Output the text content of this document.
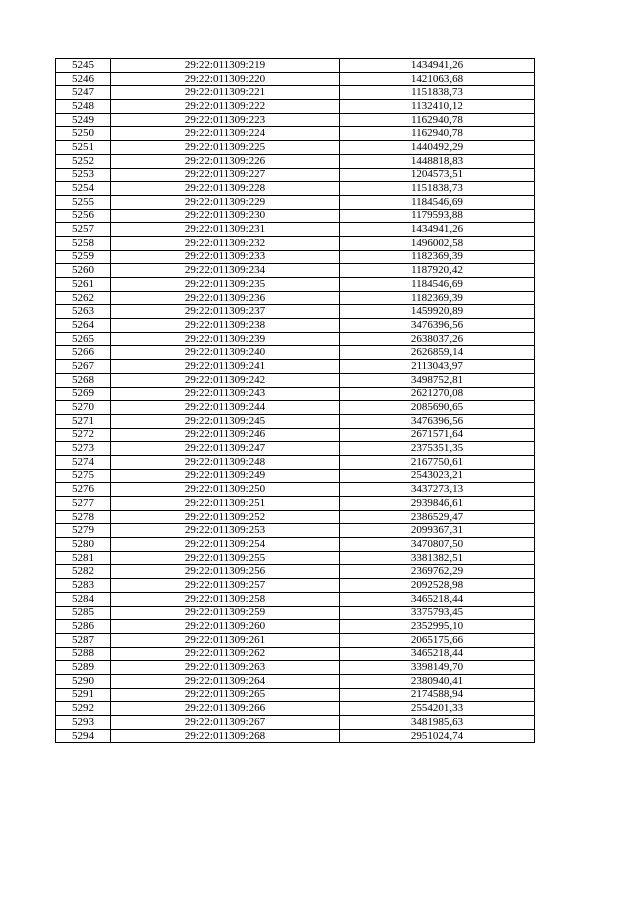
5245	29:22:011309:219	1434941,26
5246	29:22:011309:220	1421063,68
5247	29:22:011309:221	1151838,73
5248	29:22:011309:222	1132410,12
5249	29:22:011309:223	1162940,78
5250	29:22:011309:224	1162940,78
5251	29:22:011309:225	1440492,29
5252	29:22:011309:226	1448818,83
5253	29:22:011309:227	1204573,51
5254	29:22:011309:228	1151838,73
5255	29:22:011309:229	1184546,69
5256	29:22:011309:230	1179593,88
5257	29:22:011309:231	1434941,26
5258	29:22:011309:232	1496002,58
5259	29:22:011309:233	1182369,39
5260	29:22:011309:234	1187920,42
5261	29:22:011309:235	1184546,69
5262	29:22:011309:236	1182369,39
5263	29:22:011309:237	1459920,89
5264	29:22:011309:238	3476396,56
5265	29:22:011309:239	2638037,26
5266	29:22:011309:240	2626859,14
5267	29:22:011309:241	2113043,97
5268	29:22:011309:242	3498752,81
5269	29:22:011309:243	2621270,08
5270	29:22:011309:244	2085690,65
5271	29:22:011309:245	3476396,56
5272	29:22:011309:246	2671571,64
5273	29:22:011309:247	2375351,35
5274	29:22:011309:248	2167750,61
5275	29:22:011309:249	2543023,21
5276	29:22:011309:250	3437273,13
5277	29:22:011309:251	2939846,61
5278	29:22:011309:252	2386529,47
5279	29:22:011309:253	2099367,31
5280	29:22:011309:254	3470807,50
5281	29:22:011309:255	3381382,51
5282	29:22:011309:256	2369762,29
5283	29:22:011309:257	2092528,98
5284	29:22:011309:258	3465218,44
5285	29:22:011309:259	3375793,45
5286	29:22:011309:260	2352995,10
5287	29:22:011309:261	2065175,66
5288	29:22:011309:262	3465218,44
5289	29:22:011309:263	3398149,70
5290	29:22:011309:264	2380940,41
5291	29:22:011309:265	2174588,94
5292	29:22:011309:266	2554201,33
5293	29:22:011309:267	3481985,63
5294	29:22:011309:268	2951024,74
